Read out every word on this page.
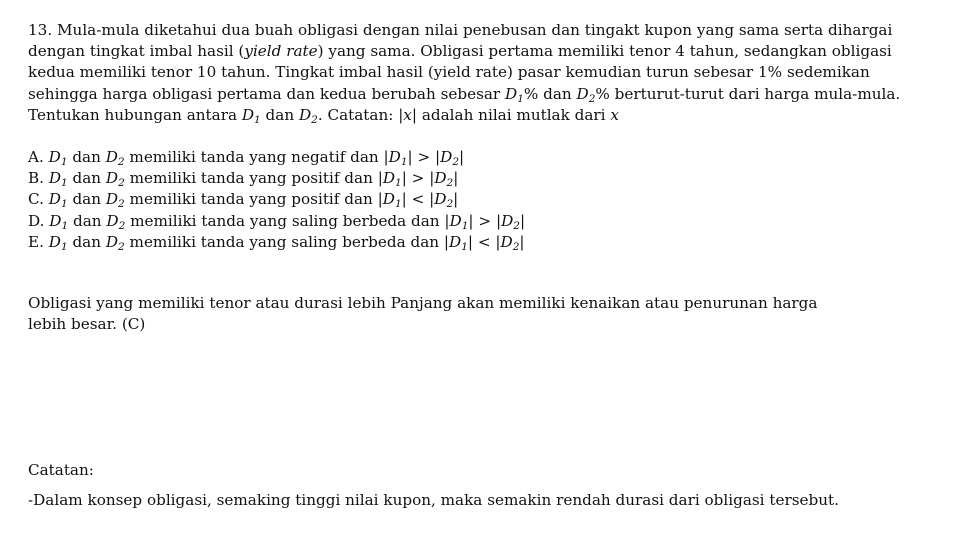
13. Mula-mula diketahui dua buah obligasi dengan nilai penebusan dan tingakt kupon yang sama serta dihargai dengan tingkat imbal hasil (yield rate) yang sama. Obligasi pertama memiliki tenor 4 tahun, sedangkan obligasi kedua memiliki tenor 10 tahun. Tingkat imbal hasil (yield rate) pasar kemudian turun sebesar 1% sedemikan sehingga harga obligasi pertama dan kedua berubah sebesar $D_1\%$ dan $D_2\%$ berturut-turut dari harga mula-mula. Tentukan hubungan antara $D_1$ dan $D_2$. Catatan: |x| adalah nilai mutlak dari x

A. $D_1$ dan $D_2$ memiliki tanda yang negatif dan $|D_1| > |D_2|$

B. $D_1$ dan $D_2$ memiliki tanda yang positif dan $|D_1| > |D_2|$

C. $D_1$ dan $D_2$ memiliki tanda yang positif dan $|D_1| < |D_2|$

D. $D_1$ dan $D_2$ memiliki tanda yang saling berbeda dan $|D_1| > |D_2|$

E. $D_1$ dan $D_2$ memiliki tanda yang saling berbeda dan $|D_1| < |D_2|$

Obligasi yang memiliki tenor atau durasi lebih Panjang akan memiliki kenaikan atau penurunan harga lebih besar. (C)

Catatan:

-Dalam konsep obligasi, semaking tinggi nilai kupon, maka semakin rendah durasi dari obligasi tersebut.
